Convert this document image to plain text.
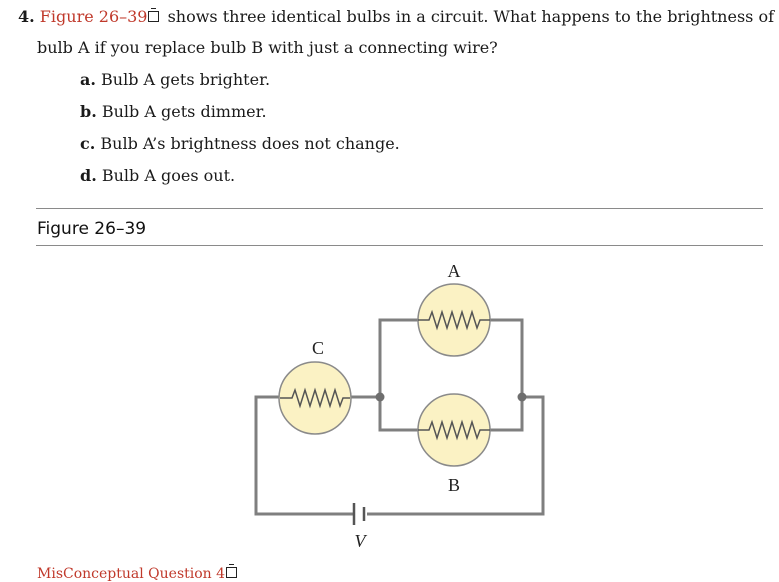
4. Figure 26–39 shows three identical bulbs in a circuit. What happens to the brightness of
bulb A if you replace bulb B with just a connecting wire?
a. Bulb A gets brighter.
b. Bulb A gets dimmer.
c. Bulb A’s brightness does not change.
d. Bulb A goes out.
Figure 26–39
A
C
B
V
MisConceptual Question 4
